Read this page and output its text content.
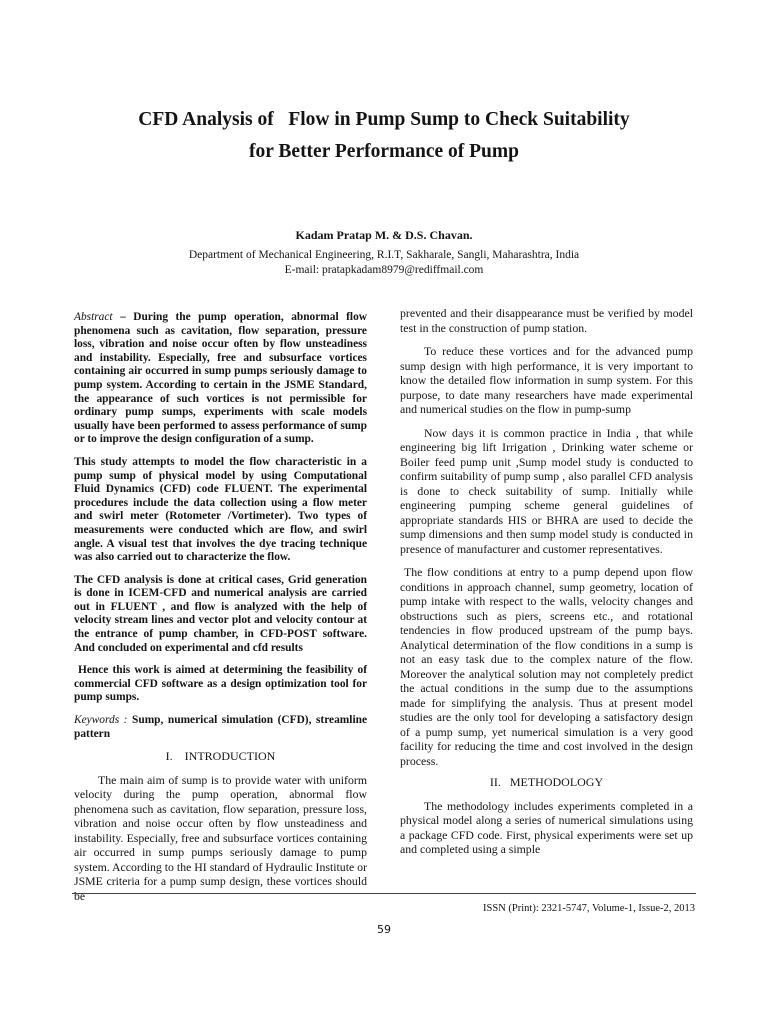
CFD Analysis of   Flow in Pump Sump to Check Suitability
for Better Performance of Pump

Kadam Pratap M. & D.S. Chavan.

Department of Mechanical Engineering, R.I.T, Sakharale, Sangli, Maharashtra, India
E-mail: pratapkadam8979@rediffmail.com

Abstract – During the pump operation, abnormal flow phenomena such as cavitation, flow separation, pressure loss, vibration and noise occur often by flow unsteadiness and instability. Especially, free and subsurface vortices containing air occurred in sump pumps seriously damage to pump system. According to certain in the JSME Standard, the appearance of such vortices is not permissible for ordinary pump sumps, experiments with scale models usually have been performed to assess performance of sump or to improve the design configuration of a sump.

This study attempts to model the flow characteristic in a pump sump of physical model by using Computational Fluid Dynamics (CFD) code FLUENT. The experimental procedures include the data collection using a flow meter and swirl meter (Rotometer /Vortimeter). Two types of measurements were conducted which are flow, and swirl angle. A visual test that involves the dye tracing technique was also carried out to characterize the flow.

The CFD analysis is done at critical cases, Grid generation is done in ICEM-CFD and numerical analysis are carried out in FLUENT , and flow is analyzed with the help of velocity stream lines and vector plot and velocity contour at the entrance of pump chamber, in CFD-POST software. And concluded on experimental and cfd results

Hence this work is aimed at determining the feasibility of commercial CFD software as a design optimization tool for pump sumps.

Keywords : Sump, numerical simulation (CFD), streamline pattern

I.    INTRODUCTION

The main aim of sump is to provide water with uniform velocity during the pump operation, abnormal flow phenomena such as cavitation, flow separation, pressure loss, vibration and noise occur often by flow unsteadiness and instability. Especially, free and subsurface vortices containing air occurred in sump pumps seriously damage to pump system. According to the HI standard of Hydraulic Institute or JSME criteria for a pump sump design, these vortices should be

prevented and their disappearance must be verified by model test in the construction of pump station.

To reduce these vortices and for the advanced pump sump design with high performance, it is very important to know the detailed flow information in sump system. For this purpose, to date many researchers have made experimental and numerical studies on the flow in pump-sump

Now days it is common practice in India , that while engineering big lift Irrigation , Drinking water scheme or Boiler feed pump unit ,Sump model study is conducted to confirm suitability of pump sump , also parallel CFD analysis is done to check suitability of sump. Initially while engineering pumping scheme general guidelines of appropriate standards HIS or BHRA are used to decide the sump dimensions and then sump model study is conducted in presence of manufacturer and customer representatives.

The flow conditions at entry to a pump depend upon flow conditions in approach channel, sump geometry, location of pump intake with respect to the walls, velocity changes and obstructions such as piers, screens etc., and rotational tendencies in flow produced upstream of the pump bays. Analytical determination of the flow conditions in a sump is not an easy task due to the complex nature of the flow. Moreover the analytical solution may not completely predict the actual conditions in the sump due to the assumptions made for simplifying the analysis. Thus at present model studies are the only tool for developing a satisfactory design of a pump sump, yet numerical simulation is a very good facility for reducing the time and cost involved in the design process.

II.   METHODOLOGY

The methodology includes experiments completed in a physical model along a series of numerical simulations using a package CFD code. First, physical experiments were set up and completed using a simple

ISSN (Print): 2321-5747, Volume-1, Issue-2, 2013

59
